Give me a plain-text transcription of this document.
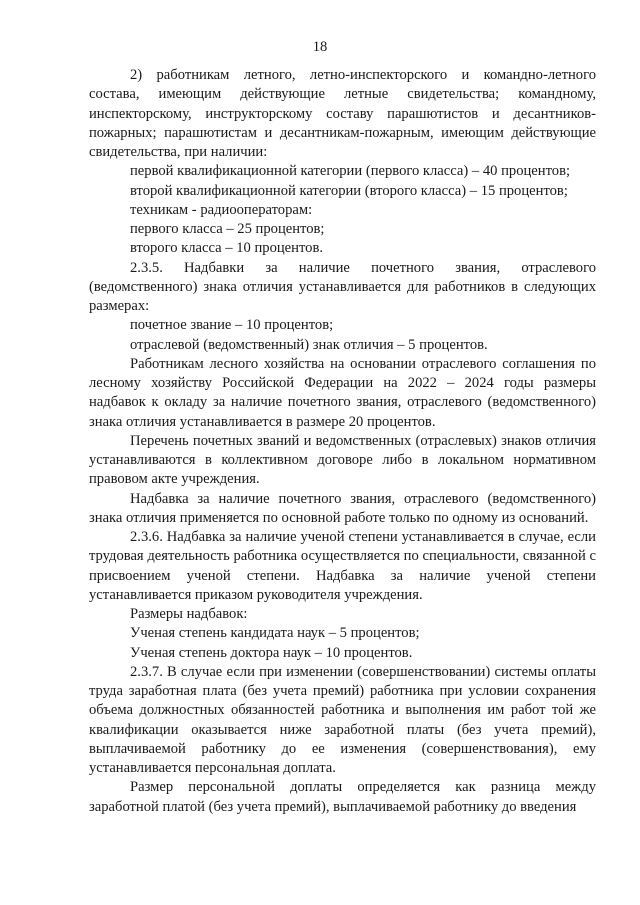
18

2) работникам летного, летно-инспекторского и командно-летного состава, имеющим действующие летные свидетельства; командному, инспекторскому, инструкторскому составу парашютистов и десантников-пожарных; парашютистам и десантникам-пожарным, имеющим действующие свидетельства, при наличии:

первой квалификационной категории (первого класса) – 40 процентов;

второй квалификационной категории (второго класса) – 15 процентов;

техникам - радиооператорам:

первого класса – 25 процентов;

второго класса – 10 процентов.

2.3.5. Надбавки за наличие почетного звания, отраслевого (ведомственного) знака отличия устанавливается для работников в следующих размерах:

почетное звание – 10 процентов;

отраслевой (ведомственный) знак отличия – 5 процентов.

Работникам лесного хозяйства на основании отраслевого соглашения по лесному хозяйству Российской Федерации на 2022 – 2024 годы размеры надбавок к окладу за наличие почетного звания, отраслевого (ведомственного) знака отличия устанавливается в размере 20 процентов.

Перечень почетных званий и ведомственных (отраслевых) знаков отличия устанавливаются в коллективном договоре либо в локальном нормативном правовом акте учреждения.

Надбавка за наличие почетного звания, отраслевого (ведомственного) знака отличия применяется по основной работе только по одному из оснований.

2.3.6. Надбавка за наличие ученой степени устанавливается в случае, если трудовая деятельность работника осуществляется по специальности, связанной с присвоением ученой степени. Надбавка за наличие ученой степени устанавливается приказом руководителя учреждения.

Размеры надбавок:

Ученая степень кандидата наук – 5 процентов;

Ученая степень доктора наук – 10 процентов.

2.3.7. В случае если при изменении (совершенствовании) системы оплаты труда заработная плата (без учета премий) работника при условии сохранения объема должностных обязанностей работника и выполнения им работ той же квалификации оказывается ниже заработной платы (без учета премий), выплачиваемой работнику до ее изменения (совершенствования), ему устанавливается персональная доплата.

Размер персональной доплаты определяется как разница между заработной платой (без учета премий), выплачиваемой работнику до введения
